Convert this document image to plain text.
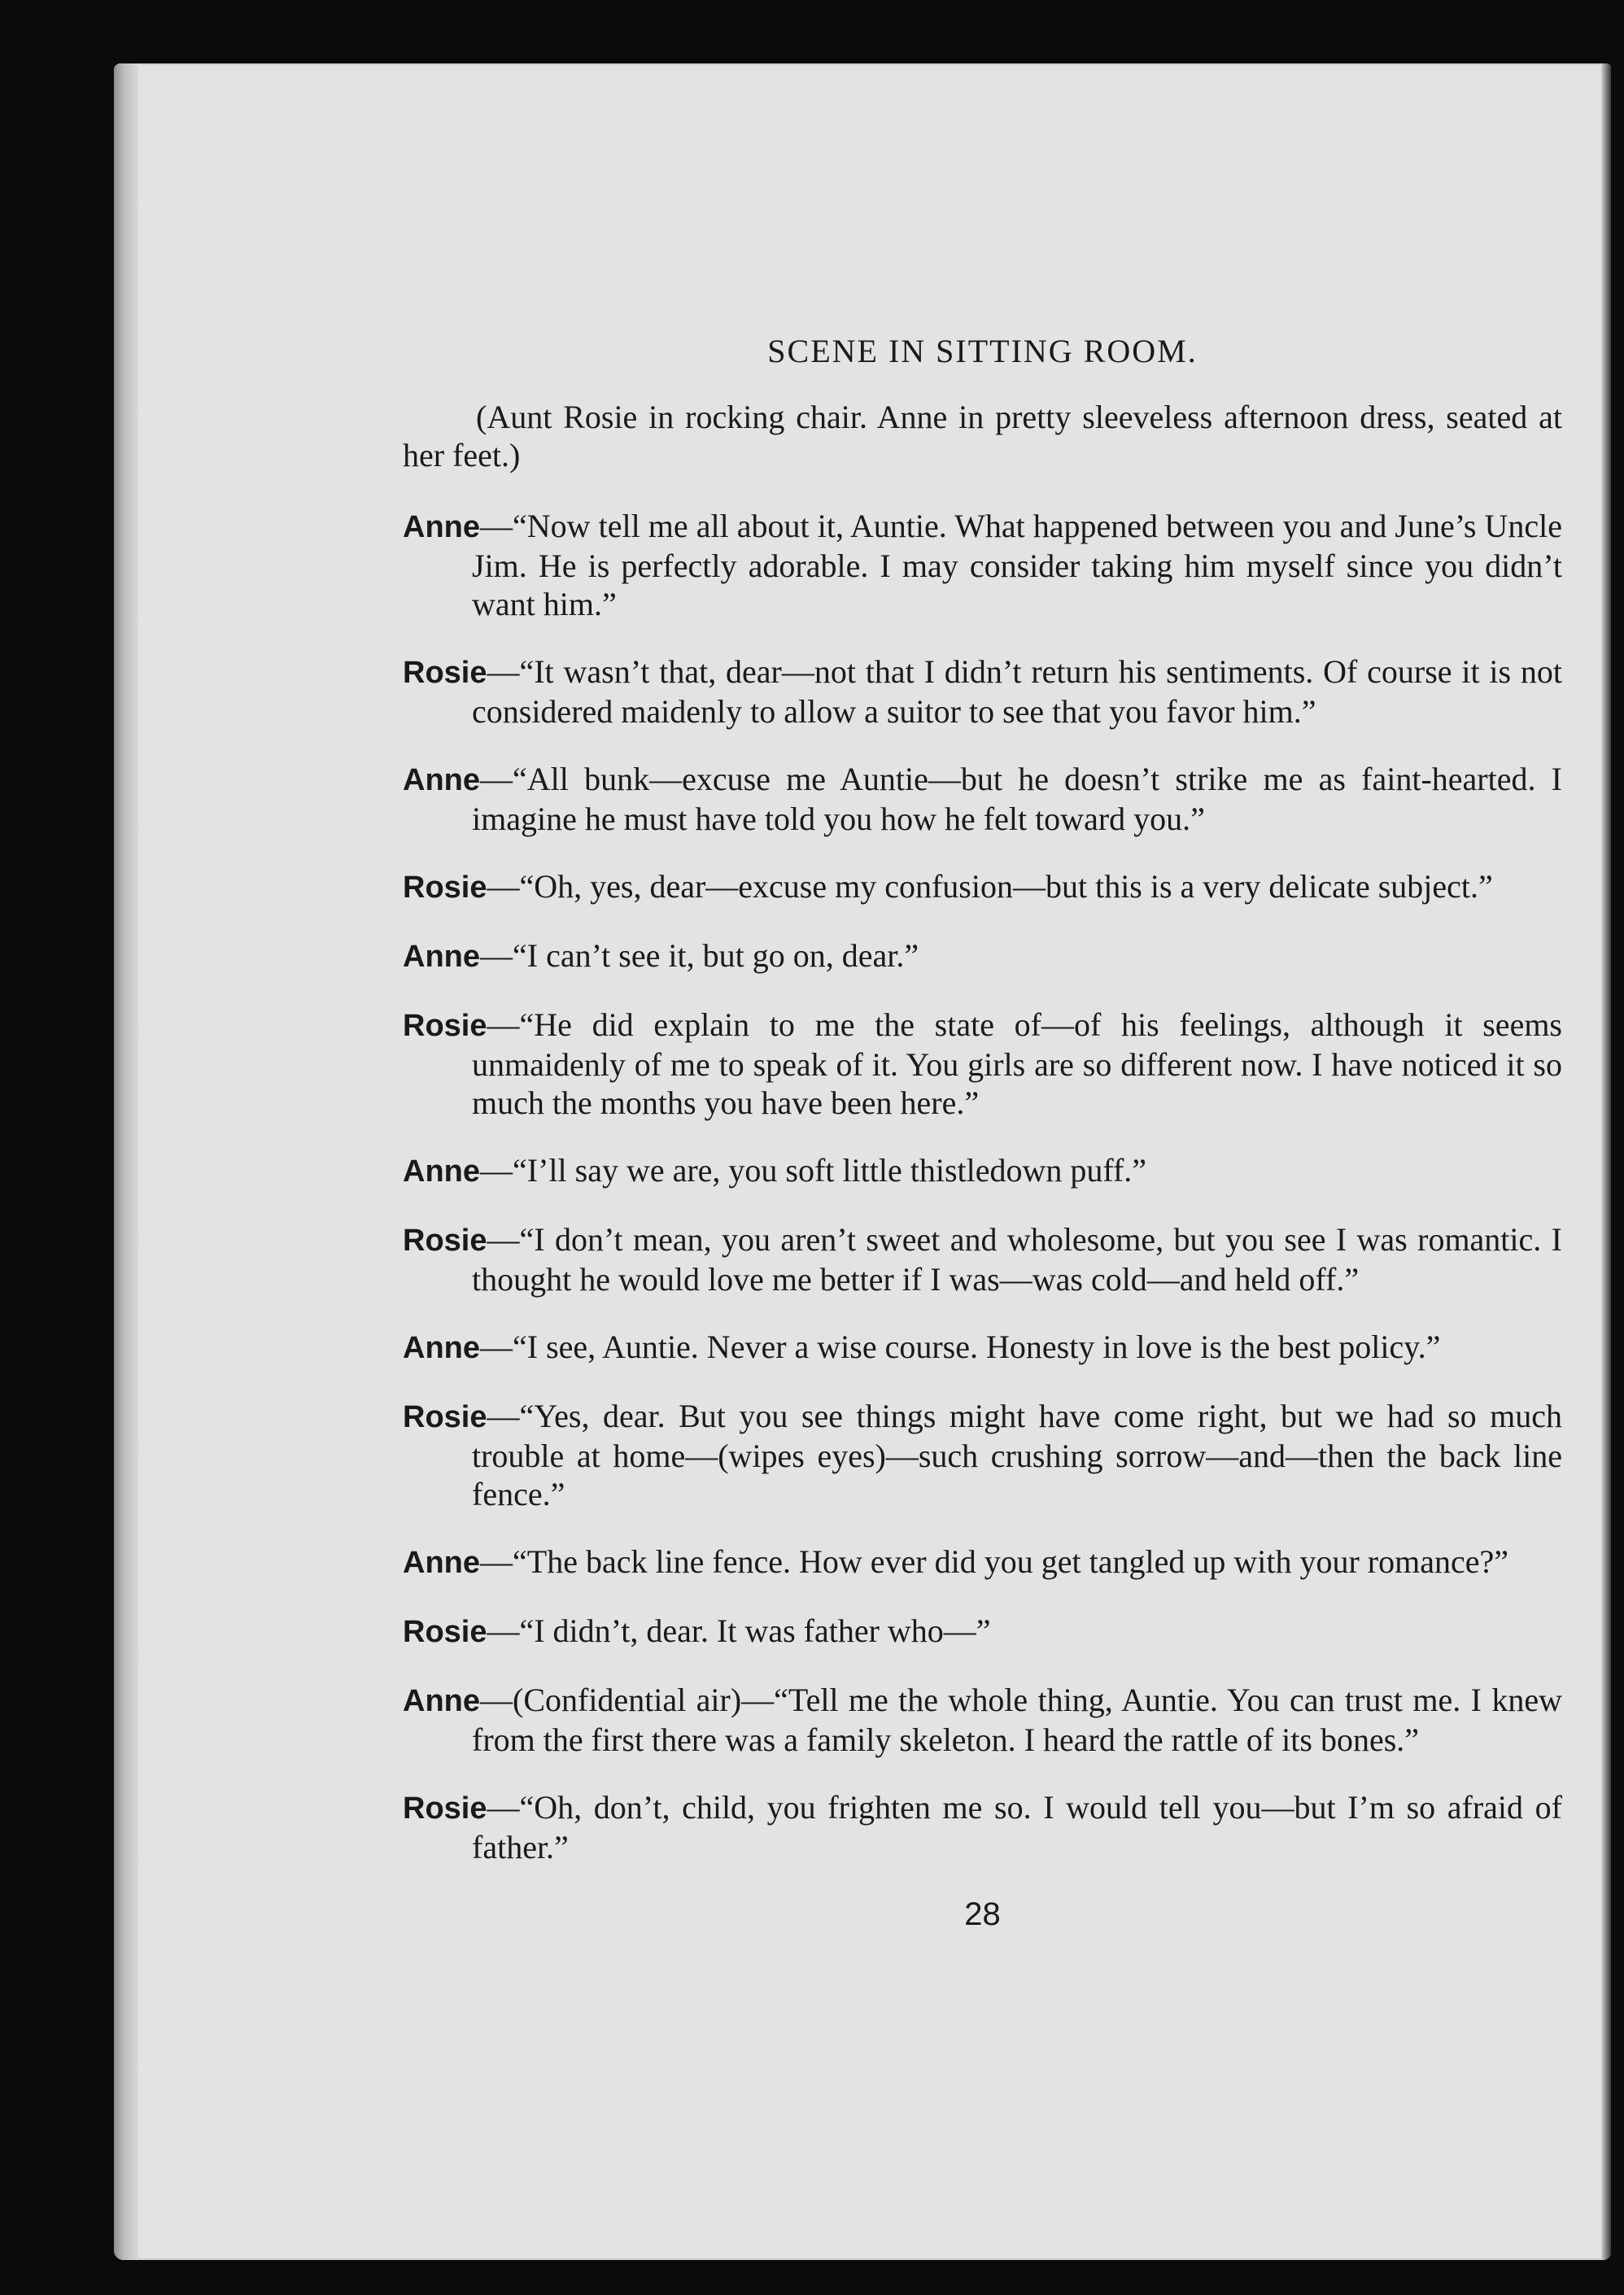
SCENE IN SITTING ROOM.
(Aunt Rosie in rocking chair. Anne in pretty sleeveless afternoon dress, seated at her feet.)
Anne—“Now tell me all about it, Auntie. What happened between you and June’s Uncle Jim. He is perfectly adorable. I may consider taking him myself since you didn’t want him.”
Rosie—“It wasn’t that, dear—not that I didn’t return his sentiments. Of course it is not considered maidenly to allow a suitor to see that you favor him.”
Anne—“All bunk—excuse me Auntie—but he doesn’t strike me as faint-hearted. I imagine he must have told you how he felt toward you.”
Rosie—“Oh, yes, dear—excuse my confusion—but this is a very delicate subject.”
Anne—“I can’t see it, but go on, dear.”
Rosie—“He did explain to me the state of—of his feelings, although it seems unmaidenly of me to speak of it. You girls are so different now. I have noticed it so much the months you have been here.”
Anne—“I’ll say we are, you soft little thistledown puff.”
Rosie—“I don’t mean, you aren’t sweet and wholesome, but you see I was romantic. I thought he would love me better if I was—was cold—and held off.”
Anne—“I see, Auntie. Never a wise course. Honesty in love is the best policy.”
Rosie—“Yes, dear. But you see things might have come right, but we had so much trouble at home—(wipes eyes)—such crushing sorrow—and—then the back line fence.”
Anne—“The back line fence. How ever did you get tangled up with your romance?”
Rosie—“I didn’t, dear. It was father who—”
Anne—(Confidential air)—“Tell me the whole thing, Auntie. You can trust me. I knew from the first there was a family skeleton. I heard the rattle of its bones.”
Rosie—“Oh, don’t, child, you frighten me so. I would tell you—but I’m so afraid of father.”
28
